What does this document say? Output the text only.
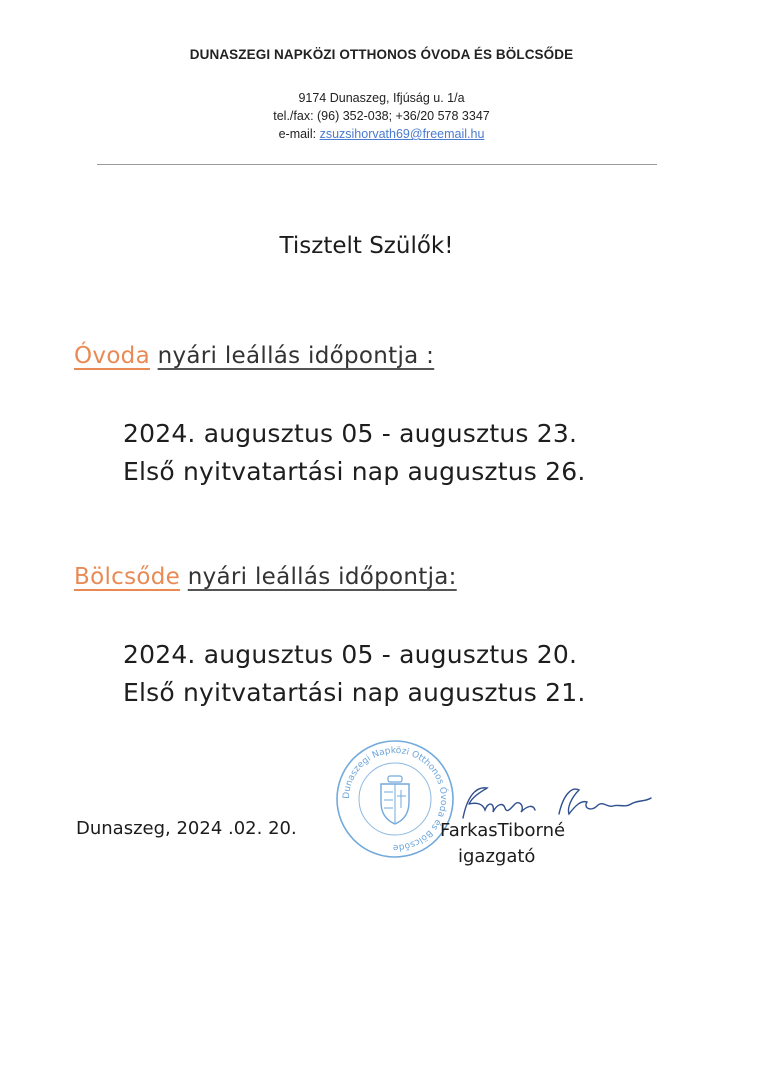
DUNASZEGI NAPKÖZI OTTHONOS ÓVODA ÉS BÖLCSŐDE
9174 Dunaszeg, Ifjúság u. 1/a
tel./fax: (96) 352-038; +36/20 578 3347
e-mail: zsuzsihorvath69@freemail.hu
Tisztelt Szülők!
Óvoda nyári leállás időpontja :
2024. augusztus 05 - augusztus 23.
Első nyitvatartási nap augusztus 26.
Bölcsőde nyári leállás időpontja:
2024. augusztus 05 - augusztus 20.
Első nyitvatartási nap augusztus 21.
Dunaszeg, 2024 .02. 20.
Dunaszegi Napközi Otthonos Óvoda és Bölcsőde
FarkasTiborné
igazgató
